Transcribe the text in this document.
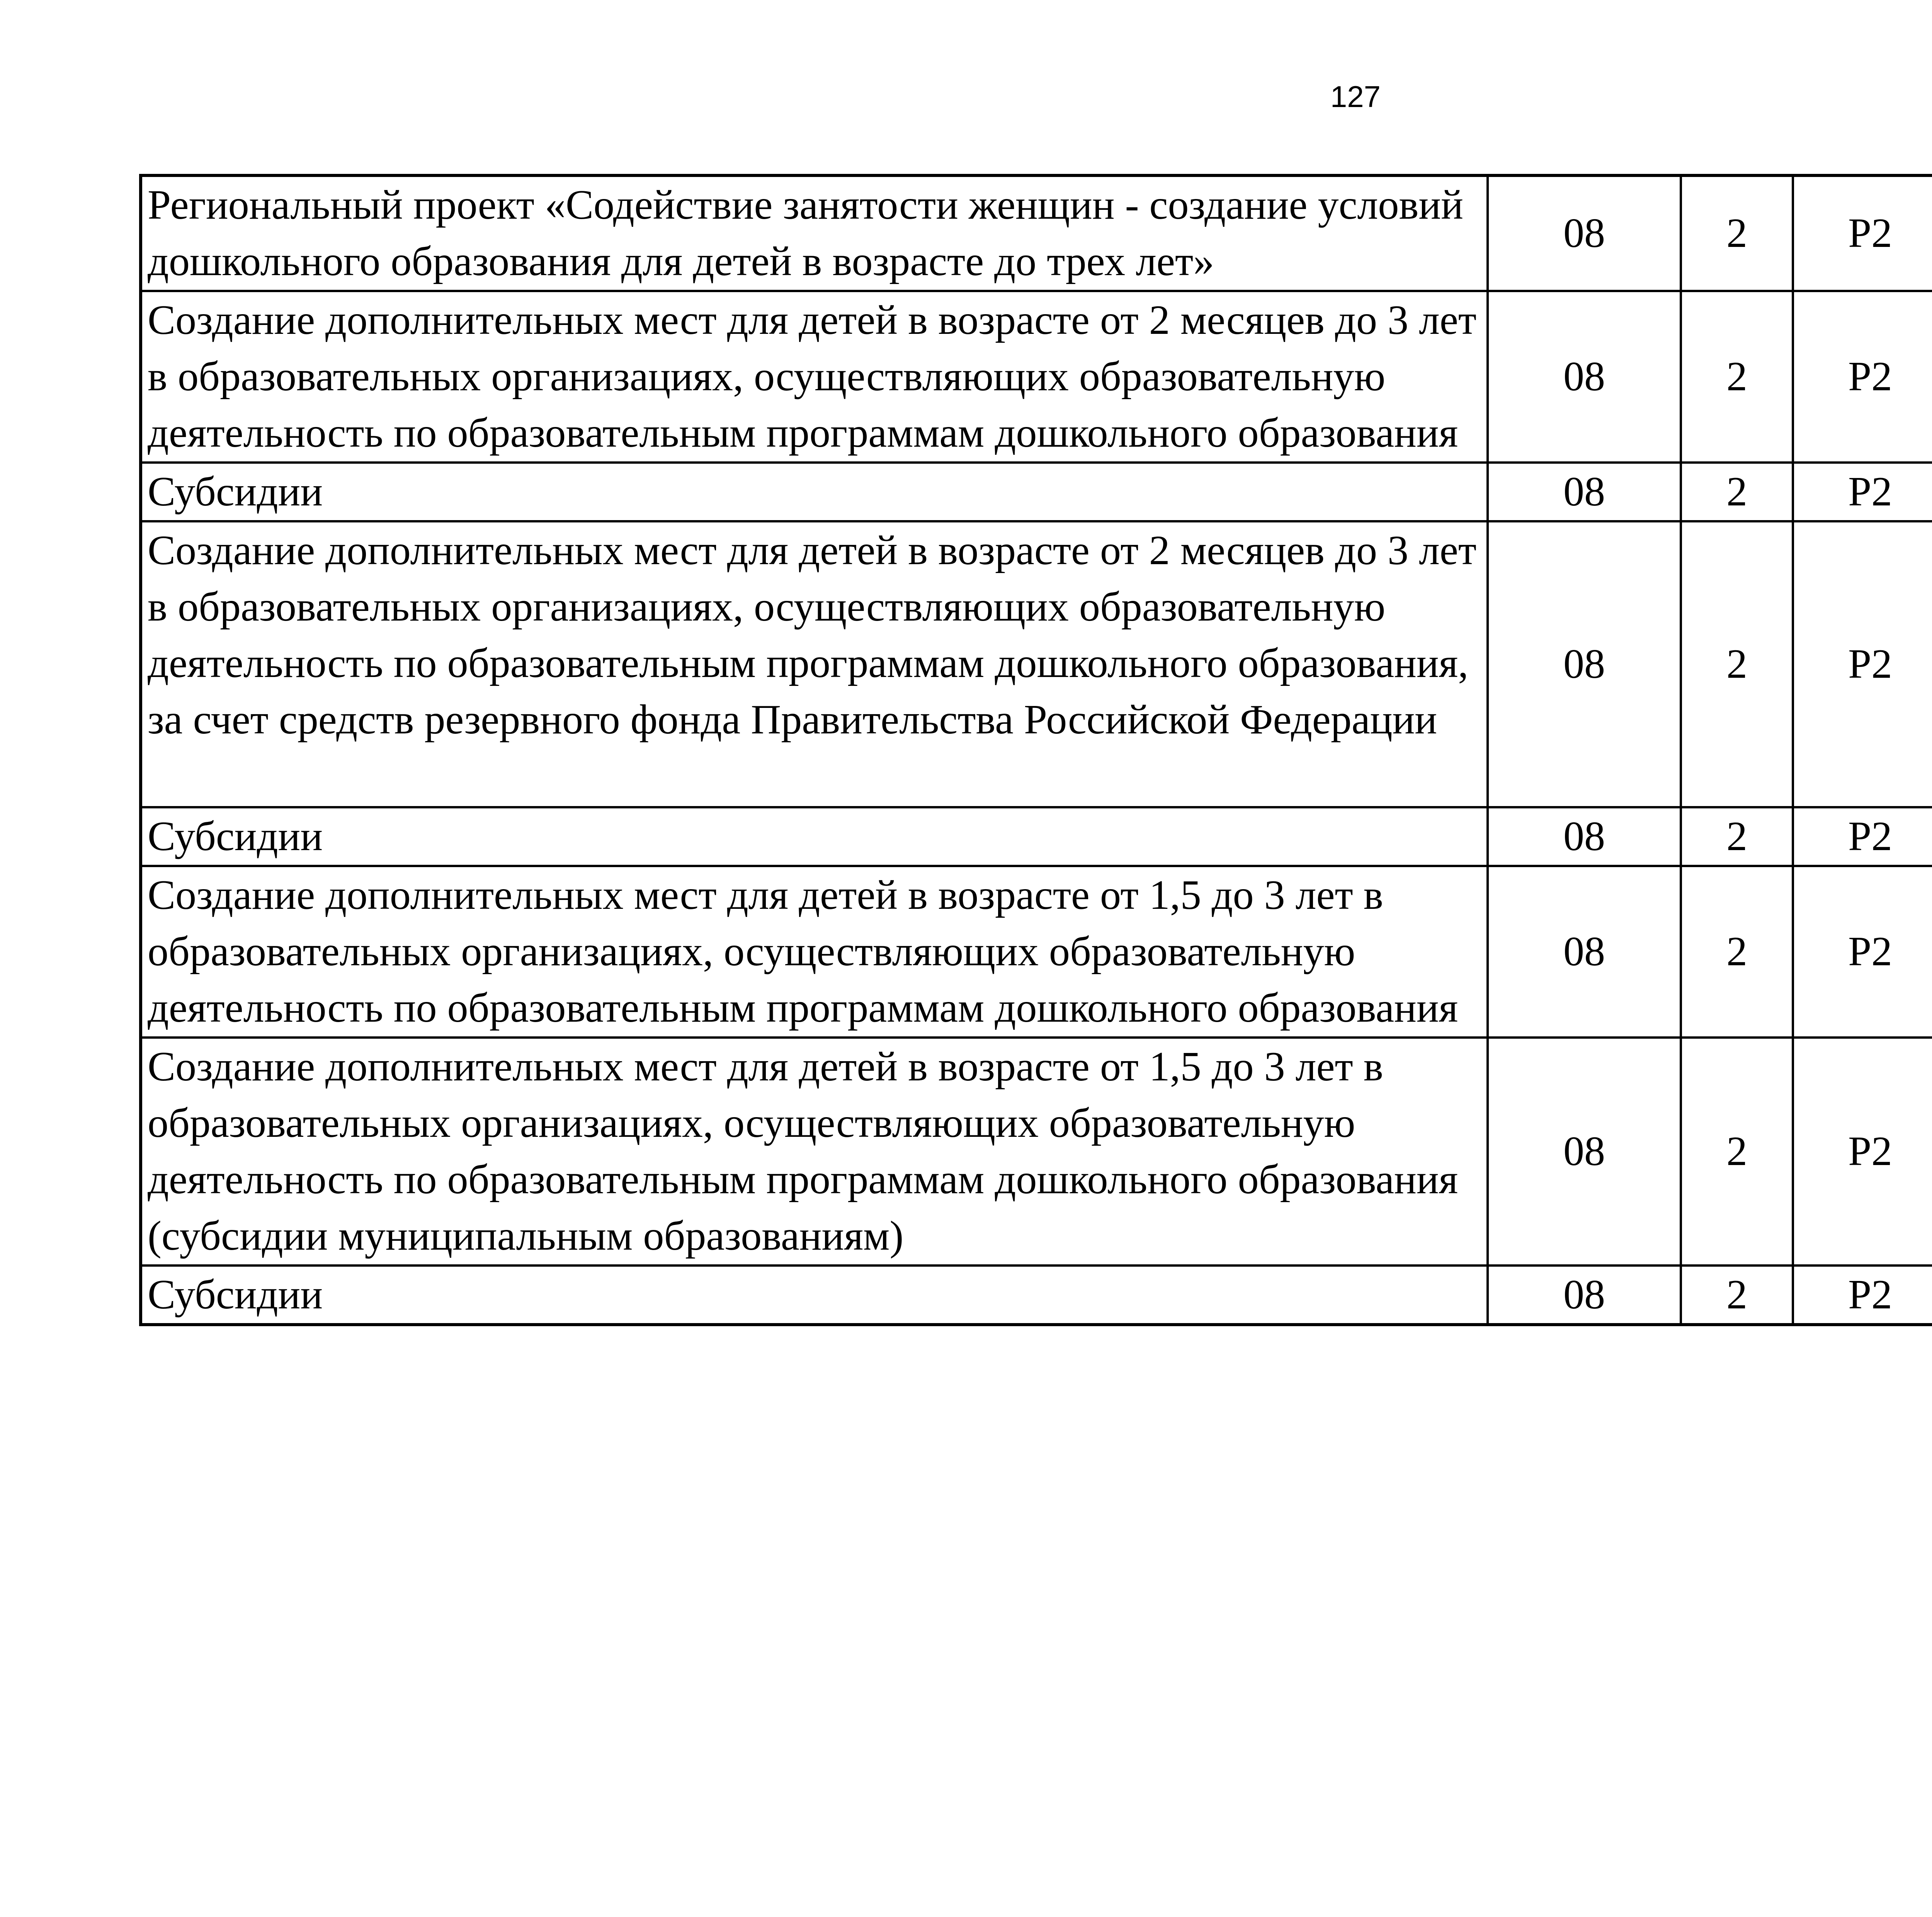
127
Региональный проект «Содействие занятости женщин - создание условий дошкольного образования для детей в возрасте до трех лет»	08	2	Р2			
Создание дополнительных мест для детей в возрасте от 2 месяцев до 3 лет в образовательных организациях, осуществляющих образовательную деятельность по образовательным программам дошкольного образования	08	2	Р2			
Субсидии	08	2	Р2			
Создание дополнительных мест для детей в возрасте от 2 месяцев до 3 лет в образовательных организациях, осуществляющих образовательную деятельность по образовательным программам дошкольного образования, за счет средств резервного фонда Правительства Российской Федерации	08	2	Р2			
Субсидии	08	2	Р2			
Создание дополнительных мест для детей в возрасте от 1,5 до 3 лет в образовательных организациях, осуществляющих образовательную деятельность по образовательным программам дошкольного образования	08	2	Р2			
Создание дополнительных мест для детей в возрасте от 1,5 до 3 лет в образовательных организациях, осуществляющих образовательную деятельность по образовательным программам дошкольного образования (субсидии муниципальным образованиям)	08	2	Р2			
Субсидии	08	2	Р2			
